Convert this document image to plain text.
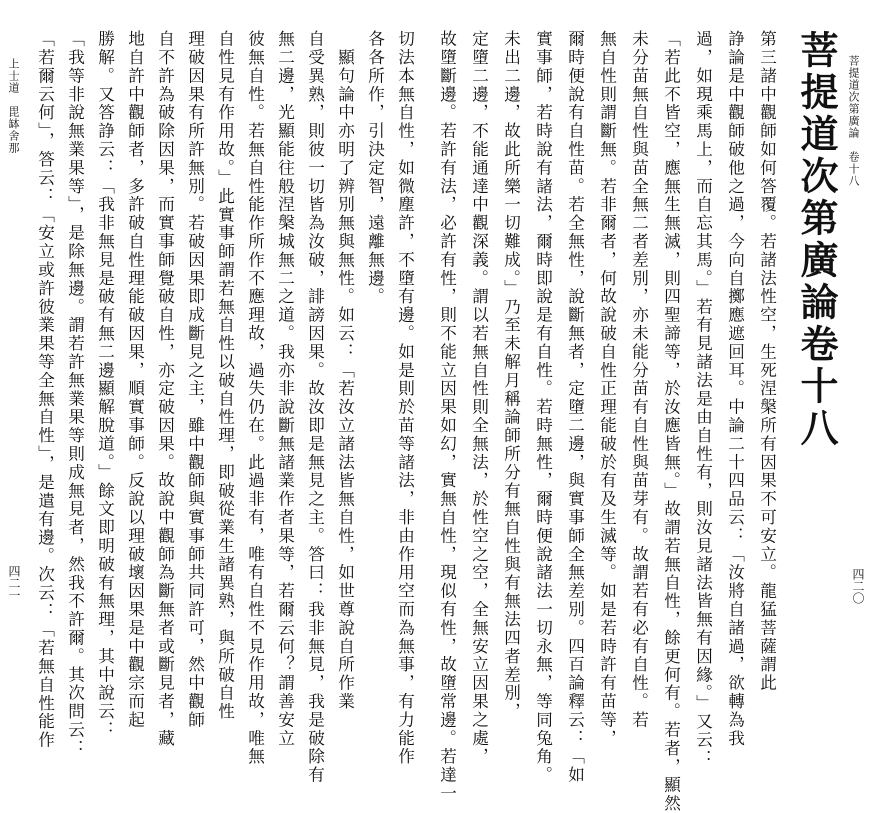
菩提道次第廣論　卷十八
四二〇
菩提道次第廣論卷十八
第三諸中觀師如何答覆。若諸法性空，生死涅槃所有因果不可安立。龍猛菩薩謂此
諍論是中觀師破他之過，今向自擲應遮回耳。中論二十四品云：「汝將自諸過，欲轉為我
過，如現乘馬上，而自忘其馬。」若有見諸法是由自性有，則汝見諸法皆無有因緣。」又云：
「若此不皆空，應無生無滅，則四聖諦等，於汝應皆無。」故謂若無自性，餘更何有。若者，顯然
未分苗無自性與苗全無二者差別，亦未能分苗有自性與苗芽有。故謂若有必有自性。若
無自性則謂斷無。若非爾者，何故說破自性正理能破於有及生滅等。如是若時許有苗等，
爾時便說有自性苗。若全無性，說斷無者，定墮二邊，與實事師全無差別。四百論釋云：「如
實事師，若時說有諸法，爾時即說是有自性。若時無性，爾時便說諸法一切永無，等同兔角。
未出二邊，故此所樂一切難成。」乃至未解月稱論師所分有無自性與有無法四者差別，
定墮二邊，不能通達中觀深義。謂以若無自性則全無法，於性空之空，全無安立因果之處，
故墮斷邊。若許有法，必許有性，則不能立因果如幻，實無自性，現似有性，故墮常邊。若達一
切法本無自性，如微塵許，不墮有邊。如是則於苗等諸法，非由作用空而為無事，有力能作
各各所作，引決定智，遠離無邊。
　顯句論中亦明了辨別無與無性。如云：「若汝立諸法皆無自性，如世尊說自所作業
自受異熟，則彼一切皆為汝破，誹謗因果。故汝即是無見之主。答曰：我非無見，我是破除有
無二邊，光顯能往般涅槃城無二之道。我亦非說斷無諸業作者果等，若爾云何？謂善安立
彼無自性。若無自性能作所作不應理故，過失仍在。此過非有，唯有自性不見作用故，唯無
自性見有作用故。」此實事師謂若無自性以破自性理，即破從業生諸異熟，與所破自性
理破因果有所許無別。若破因果即成斷見之主，雖中觀師與實事師共同許可，然中觀師
自不許為破除因果，而實事師覺破自性，亦定破因果。故說中觀師為斷無者或斷見者，藏
地自許中觀師者，多許破自性理能破因果，順實事師。反說以理破壞因果是中觀宗而起
勝解。又答諍云：「我非無見是破有無二邊顯解脫道。」餘文即明破有無理，其中說云：
「我等非說無業果等」，是除無邊。謂若許無業果等則成無見者，然我不許爾。其次問云：
「若爾云何」，答云：「安立或許彼業果等全無自性」，是遣有邊。次云：「若無自性能作
上士道　毘缽舍那
四二一
